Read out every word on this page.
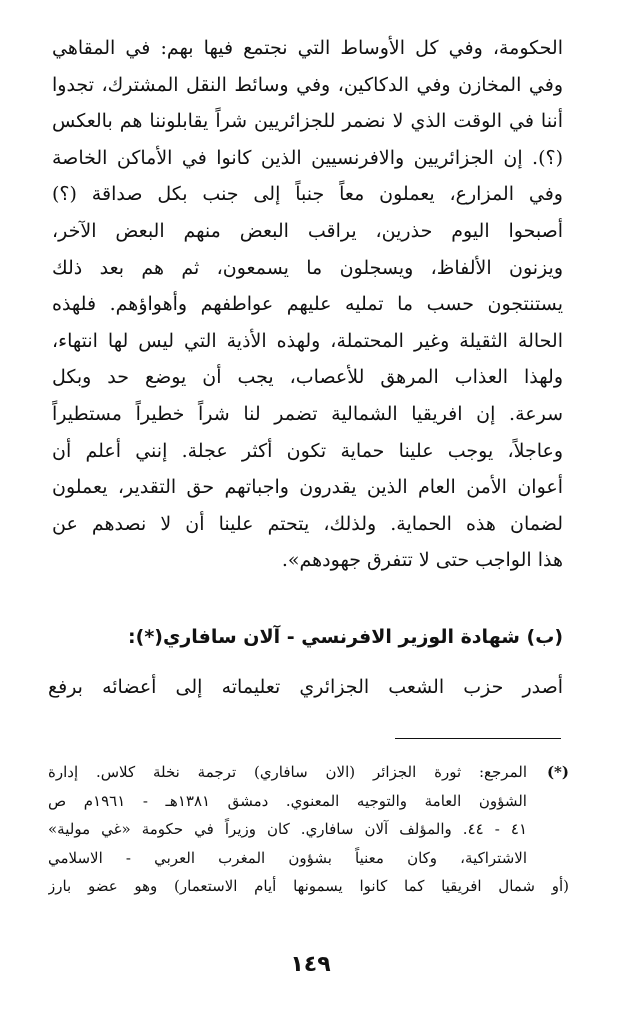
الحكومة، وفي كل الأوساط التي نجتمع فيها بهم: في المقاهي
وفي المخازن وفي الدكاكين، وفي وسائط النقل المشترك، تجدوا
أننا في الوقت الذي لا نضمر للجزائريين شراً يقابلوننا هم بالعكس
(؟). إن الجزائريين والافرنسيين الذين كانوا في الأماكن الخاصة
وفي المزارع، يعملون معاً جنباً إلى جنب بكل صداقة (؟)
أصبحوا اليوم حذرين، يراقب البعض منهم البعض الآخر،
ويزنون الألفاظ، ويسجلون ما يسمعون، ثم هم بعد ذلك
يستنتجون حسب ما تمليه عليهم عواطفهم وأهواؤهم. فلهذه
الحالة الثقيلة وغير المحتملة، ولهذه الأذية التي ليس لها انتهاء،
ولهذا العذاب المرهق للأعصاب، يجب أن يوضع حد وبكل
سرعة. إن افريقيا الشمالية تضمر لنا شراً خطيراً مستطيراً
وعاجلاً، يوجب علينا حماية تكون أكثر عجلة. إنني أعلم أن
أعوان الأمن العام الذين يقدرون واجباتهم حق التقدير، يعملون
لضمان هذه الحماية. ولذلك، يتحتم علينا أن لا نصدهم عن
هذا الواجب حتى لا تتفرق جهودهم».
(ب) شهادة الوزير الافرنسي - آلان سافاري(*):
أصدر حزب الشعب الجزائري تعليماته إلى أعضائه برفع
(*)
المرجع: ثورة الجزائر (الان سافاري) ترجمة نخلة كلاس. إدارة
الشؤون العامة والتوجيه المعنوي. دمشق ١٣٨١هـ - ١٩٦١م ص
٤١ - ٤٤. والمؤلف آلان سافاري. كان وزيراً في حكومة «غي مولية»
الاشتراكية، وكان معنياً بشؤون المغرب العربي - الاسلامي
(أو شمال افريقيا كما كانوا يسمونها أيام الاستعمار) وهو عضو بارز
١٤٩
